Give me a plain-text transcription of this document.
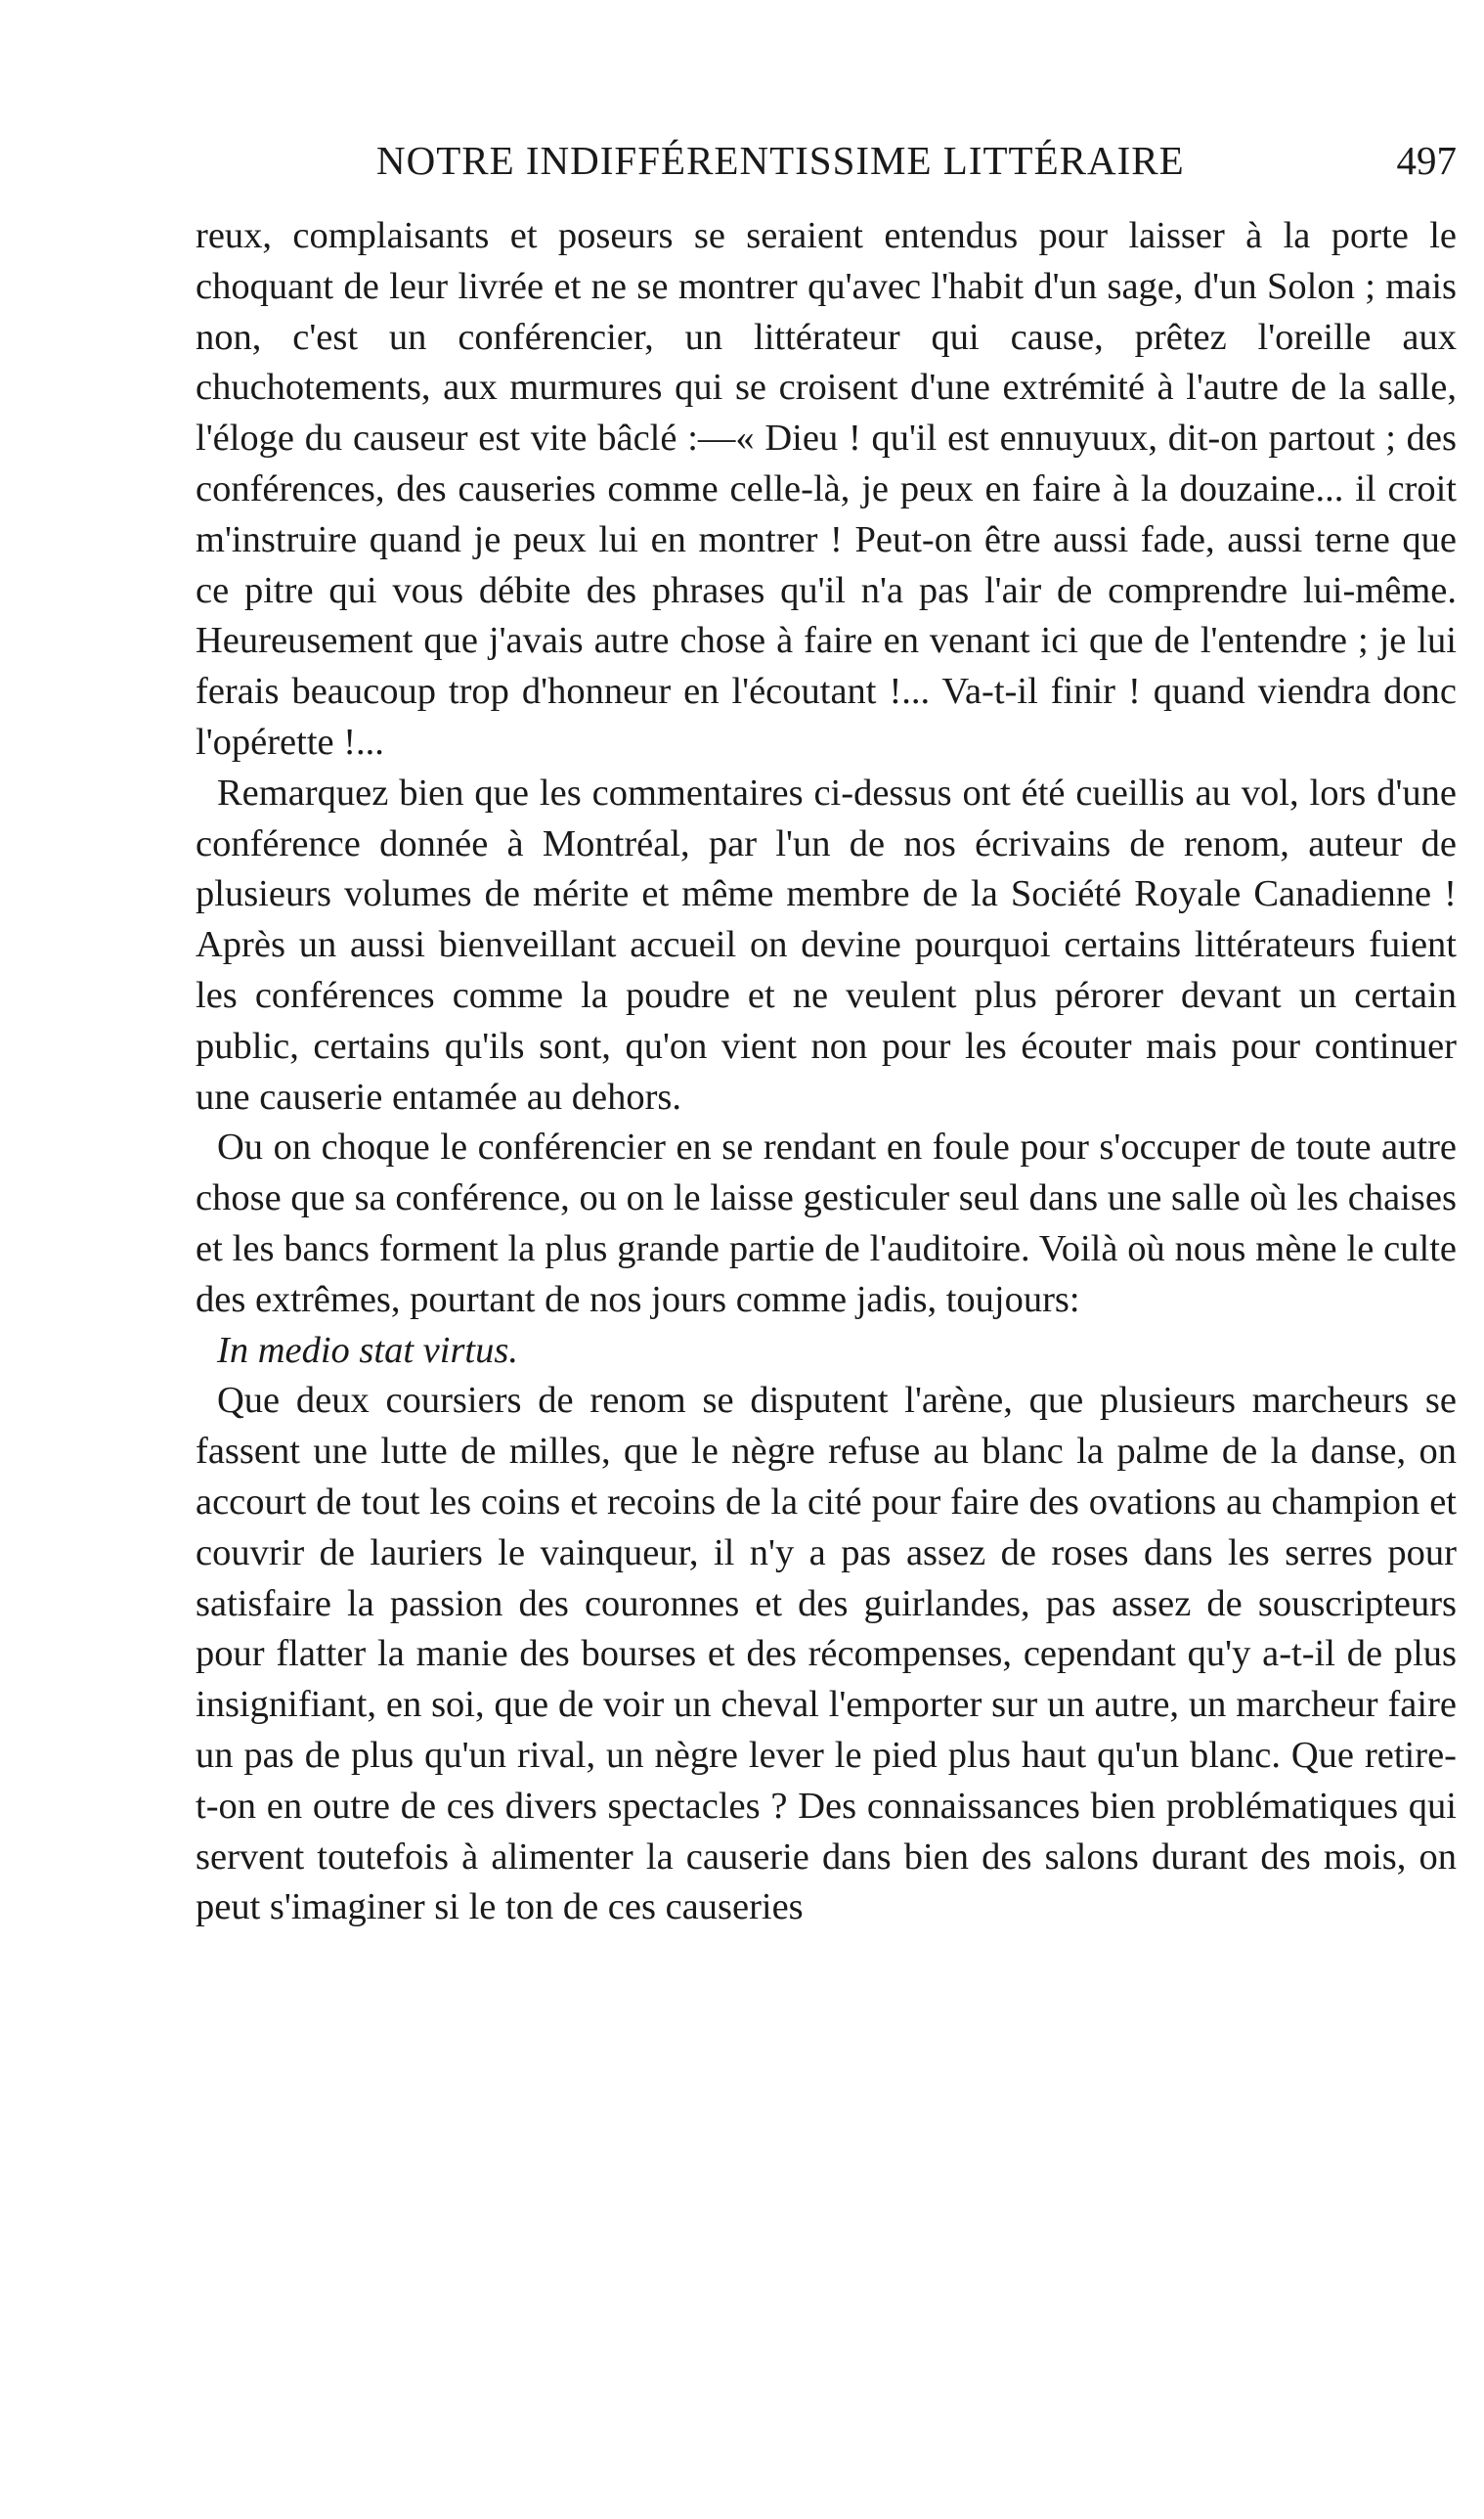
NOTRE INDIFFÉRENTISSIME LITTÉRAIRE	497

reux, complaisants et poseurs se seraient entendus pour laisser à la porte le choquant de leur livrée et ne se montrer qu'avec l'habit d'un sage, d'un Solon ; mais non, c'est un conférencier, un littérateur qui cause, prêtez l'oreille aux chuchotements, aux murmures qui se croisent d'une extrémité à l'autre de la salle, l'éloge du causeur est vite bâclé :—« Dieu ! qu'il est ennuyuux, dit-on partout ; des conférences, des causeries comme celle-là, je peux en faire à la douzaine... il croit m'instruire quand je peux lui en montrer ! Peut-on être aussi fade, aussi terne que ce pitre qui vous débite des phrases qu'il n'a pas l'air de comprendre lui-même. Heureusement que j'avais autre chose à faire en venant ici que de l'entendre ; je lui ferais beaucoup trop d'honneur en l'écoutant !... Va-t-il finir ! quand viendra donc l'opérette !...

Remarquez bien que les commentaires ci-dessus ont été cueillis au vol, lors d'une conférence donnée à Montréal, par l'un de nos écrivains de renom, auteur de plusieurs volumes de mérite et même membre de la Société Royale Canadienne ! Après un aussi bienveillant accueil on devine pourquoi certains littérateurs fuient les conférences comme la poudre et ne veulent plus pérorer devant un certain public, certains qu'ils sont, qu'on vient non pour les écouter mais pour continuer une causerie entamée au dehors.

Ou on choque le conférencier en se rendant en foule pour s'occuper de toute autre chose que sa conférence, ou on le laisse gesticuler seul dans une salle où les chaises et les bancs forment la plus grande partie de l'auditoire. Voilà où nous mène le culte des extrêmes, pourtant de nos jours comme jadis, toujours:

In medio stat virtus.

Que deux coursiers de renom se disputent l'arène, que plusieurs marcheurs se fassent une lutte de milles, que le nègre refuse au blanc la palme de la danse, on accourt de tout les coins et recoins de la cité pour faire des ovations au champion et couvrir de lauriers le vainqueur, il n'y a pas assez de roses dans les serres pour satisfaire la passion des couronnes et des guirlandes, pas assez de souscripteurs pour flatter la manie des bourses et des récompenses, cependant qu'y a-t-il de plus insignifiant, en soi, que de voir un cheval l'emporter sur un autre, un marcheur faire un pas de plus qu'un rival, un nègre lever le pied plus haut qu'un blanc. Que retire-t-on en outre de ces divers spectacles ? Des connaissances bien problématiques qui servent toutefois à alimenter la causerie dans bien des salons durant des mois, on peut s'imaginer si le ton de ces causeries
